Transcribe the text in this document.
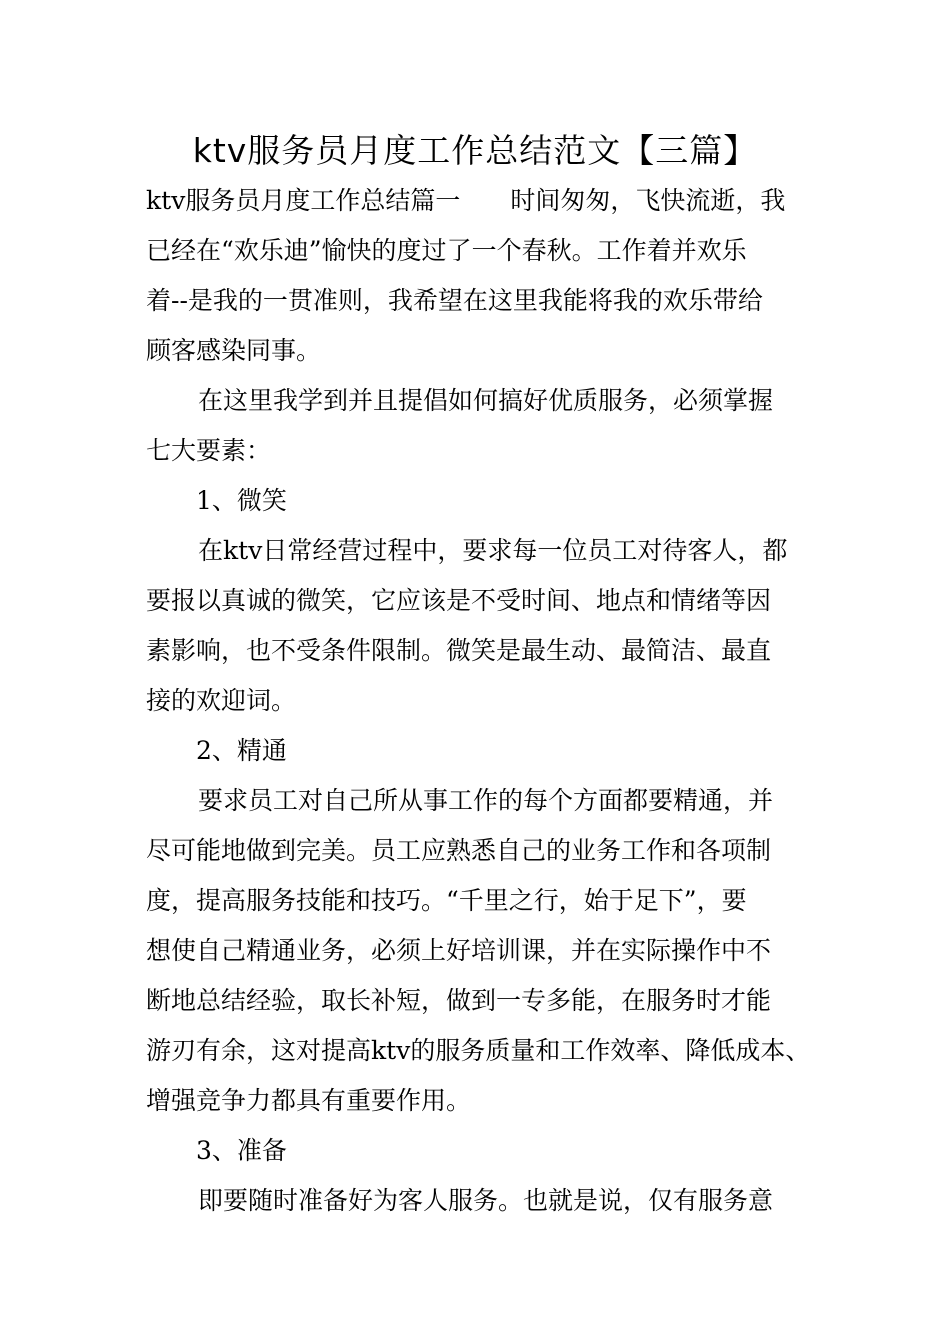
ktv服务员月度工作总结范文【三篇】
ktv服务员月度工作总结篇一　　时间匆匆，飞快流逝，我
已经在“欢乐迪”愉快的度过了一个春秋。工作着并欢乐
着--是我的一贯准则，我希望在这里我能将我的欢乐带给
顾客感染同事。
在这里我学到并且提倡如何搞好优质服务，必须掌握
七大要素：
1、微笑
在ktv日常经营过程中，要求每一位员工对待客人，都
要报以真诚的微笑，它应该是不受时间、地点和情绪等因
素影响，也不受条件限制。微笑是最生动、最简洁、最直
接的欢迎词。
2、精通
要求员工对自己所从事工作的每个方面都要精通，并
尽可能地做到完美。员工应熟悉自己的业务工作和各项制
度，提高服务技能和技巧。“千里之行，始于足下”，要
想使自己精通业务，必须上好培训课，并在实际操作中不
断地总结经验，取长补短，做到一专多能，在服务时才能
游刃有余，这对提高ktv的服务质量和工作效率、降低成本、
增强竞争力都具有重要作用。
3、准备
即要随时准备好为客人服务。也就是说，仅有服务意
